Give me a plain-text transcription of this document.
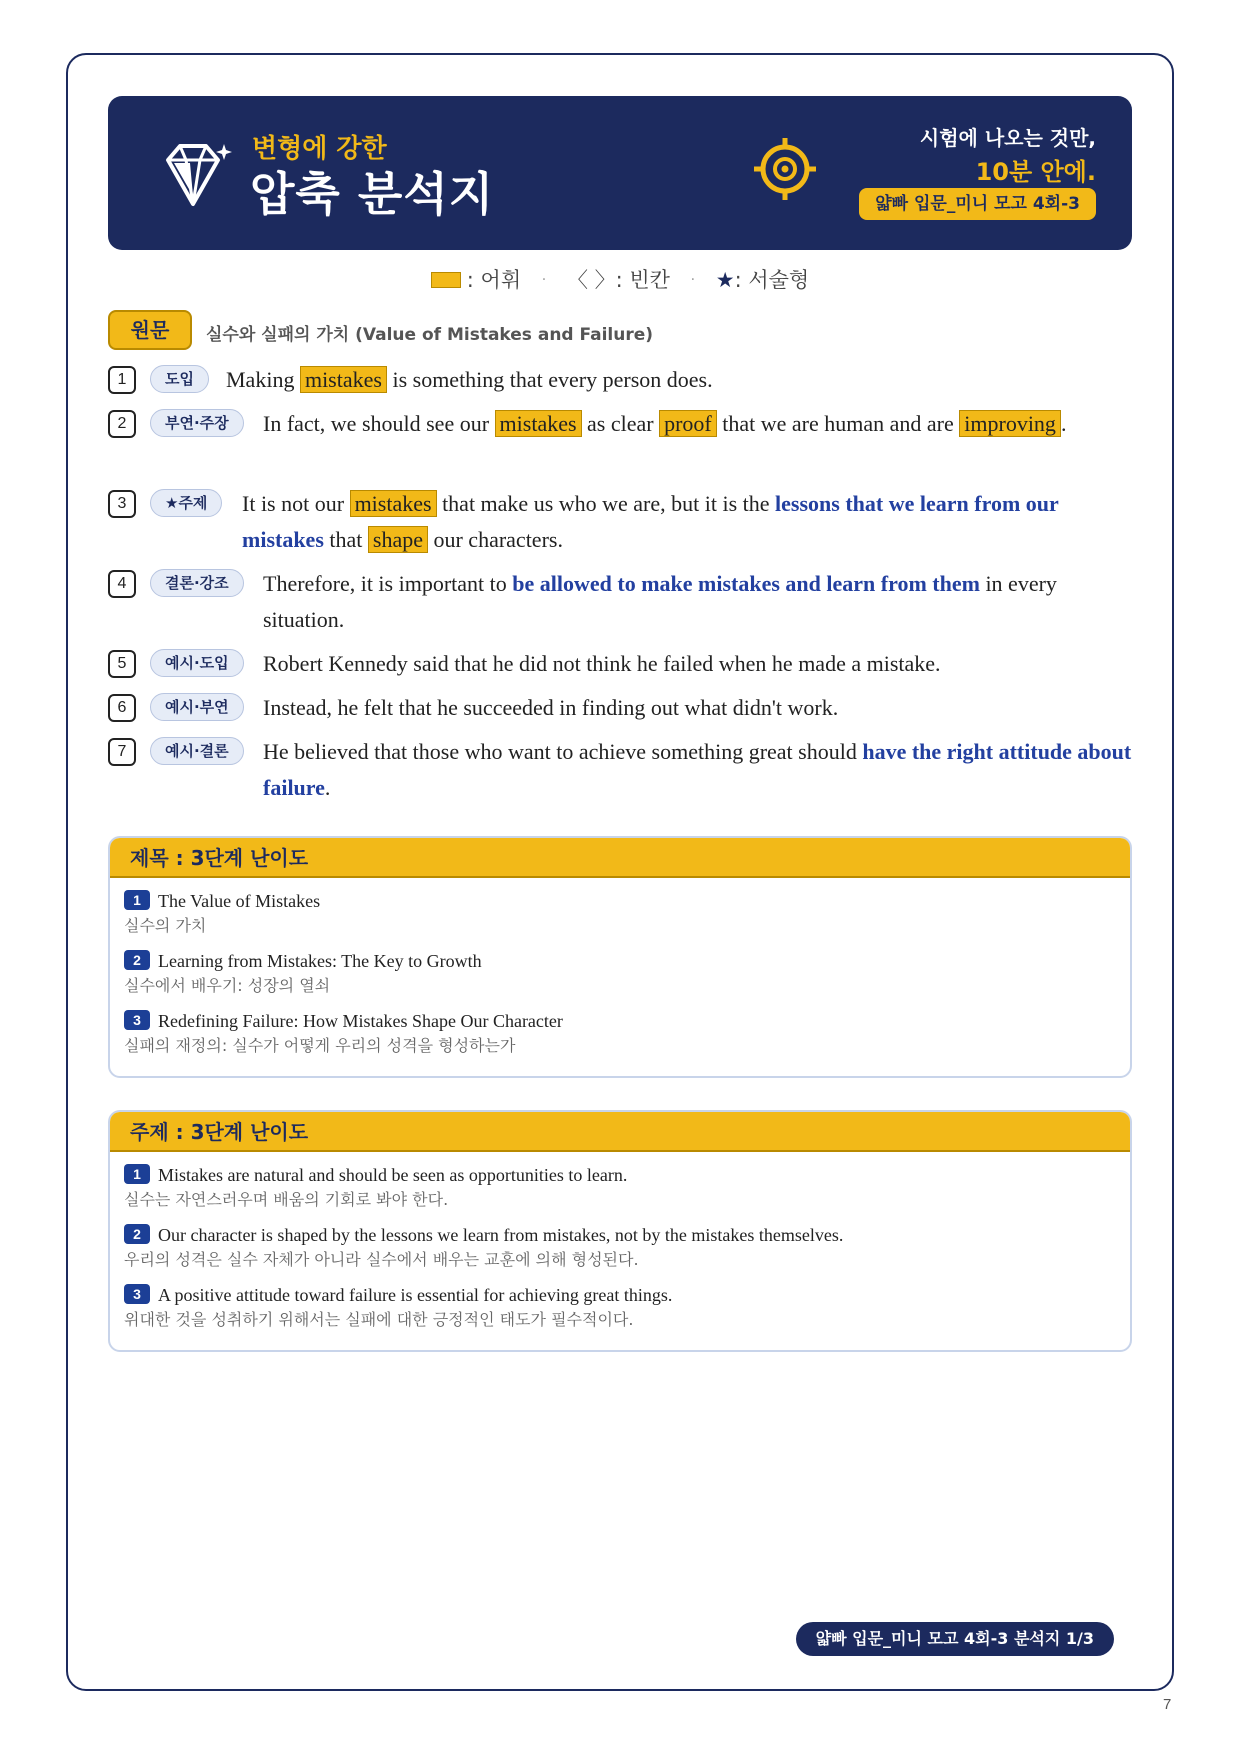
변형에 강한
압축 분석지
시험에 나오는 것만,
10분 안에.
얇빠 입문_미니 모고 4회-3
: 어휘 · 〈 〉: 빈칸 · ★: 서술형
원문	실수와 실패의 가치 (Value of Mistakes and Failure)
1	도입	Making mistakes is something that every person does.
2	부연·주장	In fact, we should see our mistakes as clear proof that we are human and are improving .
3	★주제	It is not our mistakes that make us who we are, but it is the lessons that we learn from our mistakes that shape our characters.
4	결론·강조	Therefore, it is important to be allowed to make mistakes and learn from them in every situation.
5	예시·도입	Robert Kennedy said that he did not think he failed when he made a mistake.
6	예시·부연	Instead, he felt that he succeeded in finding out what didn't work.
7	예시·결론	He believed that those who want to achieve something great should have the right attitude about failure.
제목 : 3단계 난이도
1 The Value of Mistakes
실수의 가치
2 Learning from Mistakes: The Key to Growth
실수에서 배우기: 성장의 열쇠
3 Redefining Failure: How Mistakes Shape Our Character
실패의 재정의: 실수가 어떻게 우리의 성격을 형성하는가
주제 : 3단계 난이도
1 Mistakes are natural and should be seen as opportunities to learn.
실수는 자연스러우며 배움의 기회로 봐야 한다.
2 Our character is shaped by the lessons we learn from mistakes, not by the mistakes themselves.
우리의 성격은 실수 자체가 아니라 실수에서 배우는 교훈에 의해 형성된다.
3 A positive attitude toward failure is essential for achieving great things.
위대한 것을 성취하기 위해서는 실패에 대한 긍정적인 태도가 필수적이다.
얇빠 입문_미니 모고 4회-3 분석지 1/3
7
